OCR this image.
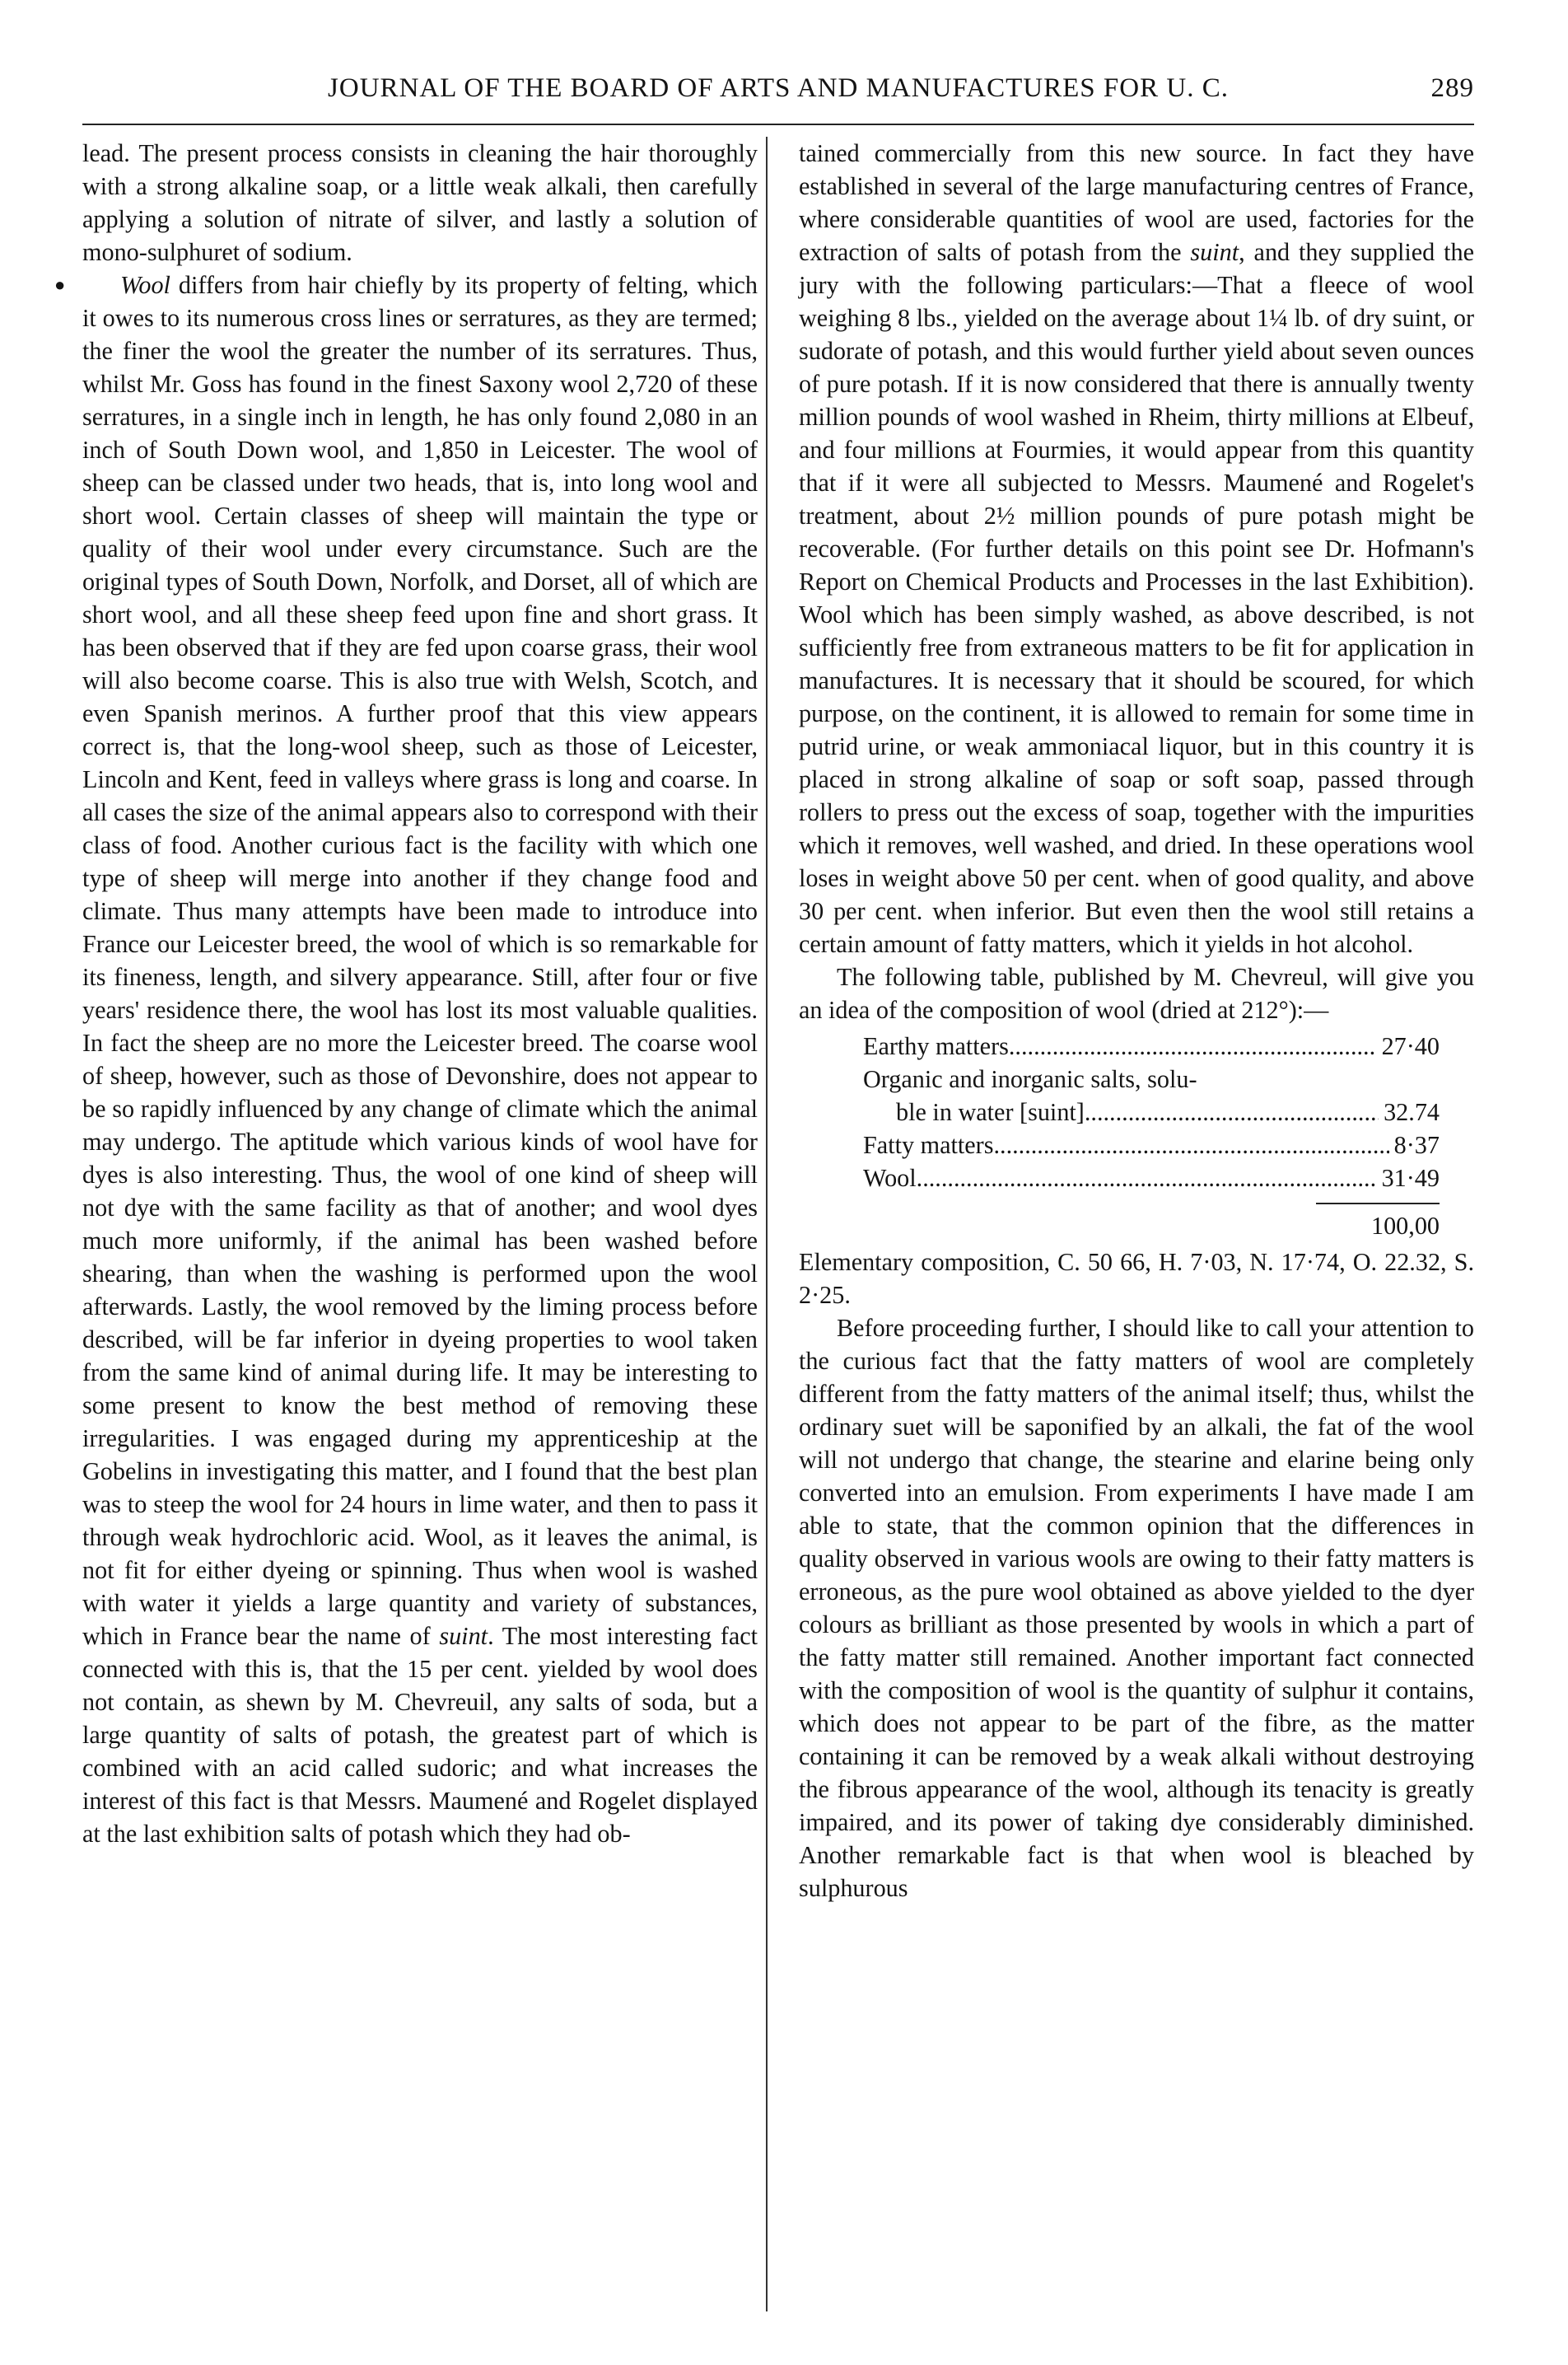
JOURNAL OF THE BOARD OF ARTS AND MANUFACTURES FOR U. C.	289

lead. The present process consists in cleaning the hair thoroughly with a strong alkaline soap, or a little weak alkali, then carefully applying a solution of nitrate of silver, and lastly a solution of mono-sulphuret of sodium.

● Wool differs from hair chiefly by its property of felting, which it owes to its numerous cross lines or serratures, as they are termed; the finer the wool the greater the number of its serratures. Thus, whilst Mr. Goss has found in the finest Saxony wool 2,720 of these serratures, in a single inch in length, he has only found 2,080 in an inch of South Down wool, and 1,850 in Leicester. The wool of sheep can be classed under two heads, that is, into long wool and short wool. Certain classes of sheep will maintain the type or quality of their wool under every circumstance. Such are the original types of South Down, Norfolk, and Dorset, all of which are short wool, and all these sheep feed upon fine and short grass. It has been observed that if they are fed upon coarse grass, their wool will also become coarse. This is also true with Welsh, Scotch, and even Spanish merinos. A further proof that this view appears correct is, that the long-wool sheep, such as those of Leicester, Lincoln and Kent, feed in valleys where grass is long and coarse. In all cases the size of the animal appears also to correspond with their class of food. Another curious fact is the facility with which one type of sheep will merge into another if they change food and climate. Thus many attempts have been made to introduce into France our Leicester breed, the wool of which is so remarkable for its fineness, length, and silvery appearance. Still, after four or five years' residence there, the wool has lost its most valuable qualities. In fact the sheep are no more the Leicester breed. The coarse wool of sheep, however, such as those of Devonshire, does not appear to be so rapidly influenced by any change of climate which the animal may undergo. The aptitude which various kinds of wool have for dyes is also interesting. Thus, the wool of one kind of sheep will not dye with the same facility as that of another; and wool dyes much more uniformly, if the animal has been washed before shearing, than when the washing is performed upon the wool afterwards. Lastly, the wool removed by the liming process before described, will be far inferior in dyeing properties to wool taken from the same kind of animal during life. It may be interesting to some present to know the best method of removing these irregularities. I was engaged during my apprenticeship at the Gobelins in investigating this matter, and I found that the best plan was to steep the wool for 24 hours in lime water, and then to pass it through weak hydrochloric acid. Wool, as it leaves the animal, is not fit for either dyeing or spinning. Thus when wool is washed with water it yields a large quantity and variety of substances, which in France bear the name of suint. The most interesting fact connected with this is, that the 15 per cent. yielded by wool does not contain, as shewn by M. Chevreuil, any salts of soda, but a large quantity of salts of potash, the greatest part of which is combined with an acid called sudoric; and what increases the interest of this fact is that Messrs. Maumené and Rogelet displayed at the last exhibition salts of potash which they had ob-

tained commercially from this new source. In fact they have established in several of the large manufacturing centres of France, where considerable quantities of wool are used, factories for the extraction of salts of potash from the suint, and they supplied the jury with the following particulars:—That a fleece of wool weighing 8 lbs., yielded on the average about 1¼ lb. of dry suint, or sudorate of potash, and this would further yield about seven ounces of pure potash. If it is now considered that there is annually twenty million pounds of wool washed in Rheim, thirty millions at Elbeuf, and four millions at Fourmies, it would appear from this quantity that if it were all subjected to Messrs. Maumené and Rogelet's treatment, about 2½ million pounds of pure potash might be recoverable. (For further details on this point see Dr. Hofmann's Report on Chemical Products and Processes in the last Exhibition). Wool which has been simply washed, as above described, is not sufficiently free from extraneous matters to be fit for application in manufactures. It is necessary that it should be scoured, for which purpose, on the continent, it is allowed to remain for some time in putrid urine, or weak ammoniacal liquor, but in this country it is placed in strong alkaline of soap or soft soap, passed through rollers to press out the excess of soap, together with the impurities which it removes, well washed, and dried. In these operations wool loses in weight above 50 per cent. when of good quality, and above 30 per cent. when inferior. But even then the wool still retains a certain amount of fatty matters, which it yields in hot alcohol.

The following table, published by M. Chevreul, will give you an idea of the composition of wool (dried at 212°):—

Earthy matters .....	27·40
Organic and inorganic salts, solu-
ble in water [suint] .....	32.74
Fatty matters .....	8·37
Wool .....	31·49
100,00

Elementary composition, C. 50 66, H. 7·03, N. 17·74, O. 22.32, S. 2·25.

Before proceeding further, I should like to call your attention to the curious fact that the fatty matters of wool are completely different from the fatty matters of the animal itself; thus, whilst the ordinary suet will be saponified by an alkali, the fat of the wool will not undergo that change, the stearine and elarine being only converted into an emulsion. From experiments I have made I am able to state, that the common opinion that the differences in quality observed in various wools are owing to their fatty matters is erroneous, as the pure wool obtained as above yielded to the dyer colours as brilliant as those presented by wools in which a part of the fatty matter still remained. Another important fact connected with the composition of wool is the quantity of sulphur it contains, which does not appear to be part of the fibre, as the matter containing it can be removed by a weak alkali without destroying the fibrous appearance of the wool, although its tenacity is greatly impaired, and its power of taking dye considerably diminished. Another remarkable fact is that when wool is bleached by sulphurous
